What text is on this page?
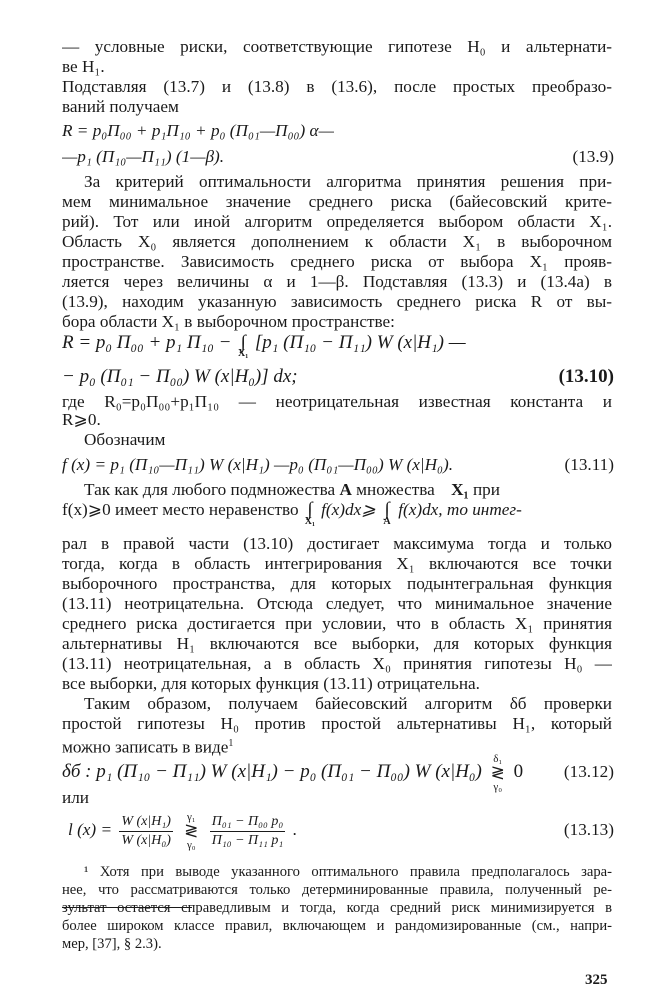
— условные риски, соответствующие гипотезе H₀ и альтернати-
ве H₁.
Подставляя (13.7) и (13.8) в (13.6), после простых преобразо-
ваний получаем
R = p₀Π₀₀ + p₁Π₁₀ + p₀ (Π₀₁—Π₀₀) α—
—p₁ (Π₁₀—Π₁₁) (1—β).	(13.9)
За критерий оптимальности алгоритма принятия решения при-
мем минимальное значение среднего риска (байесовский крите-
рий). Тот или иной алгоритм определяется выбором области X₁.
Область X₀ является дополнением к области X₁ в выборочном
пространстве. Зависимость среднего риска от выбора X₁ прояв-
ляется через величины α и 1—β. Подставляя (13.3) и (13.4а) в
(13.9), находим указанную зависимость среднего риска R от вы-
бора области X₁ в выборочном пространстве:
R = p₀ Π₀₀ + p₁ Π₁₀ − ∫
X₁
[p₁ (Π₁₀ − Π₁₁) W (x|H₁) —
− p₀ (Π₀₁ − Π₀₀) W (x|H₀)] dx;	(13.10)
где R₀=p₀Π₀₀+p₁Π₁₀ — неотрицательная известная константа и
R⩾0.
Обозначим
f (x) = p₁ (Π₁₀—Π₁₁) W (x|H₁) —p₀ (Π₀₁—Π₀₀) W (x|H₀).	(13.11)
Так как для любого подмножества A множества X₁ при
f(x)⩾0 имеет место неравенство ∫
X₁
f(x)dx⩾ ∫
A
f(x)dx, то интег-
рал в правой части (13.10) достигает максимума тогда и только
тогда, когда в область интегрирования X₁ включаются все точки
выборочного пространства, для которых подынтегральная функция
(13.11) неотрицательна. Отсюда следует, что минимальное значение
среднего риска достигается при условии, что в область X₁ принятия
альтернативы H₁ включаются все выборки, для которых функция
(13.11) неотрицательная, а в область X₀ принятия гипотезы H₀ —
все выборки, для которых функция (13.11) отрицательна.
Таким образом, получаем байесовский алгоритм δб проверки
простой гипотезы H₀ против простой альтернативы H₁, который
можно записать в виде$^1$
δб : p₁ (Π₁₀ − Π₁₁) W (x|H₁) − p₀ (Π₀₁ − Π₀₀) W (x|H₀) δ₁
≷
γ₀ 0 (13.12)
или
l $(x) = \frac{\text{W (x|H₁)}}{\text{W (x|H₀)}} \gamma_1$
≷
$\gamma_0 \frac{\text{Π₀₁ − Π₀₀ p₀}}{\text{Π₁₀ − Π₁₁ p₁}}$ .	(13.13)
¹ Хотя при выводе указанного оптимального правила предполагалось зара-
нее, что рассматриваются только детерминированные правила, полученный ре-
зультат остается справедливым и тогда, когда средний риск минимизируется в
более широком классе правил, включающем и рандомизированные (см., напри-
мер, [37], § 2.3).
325
